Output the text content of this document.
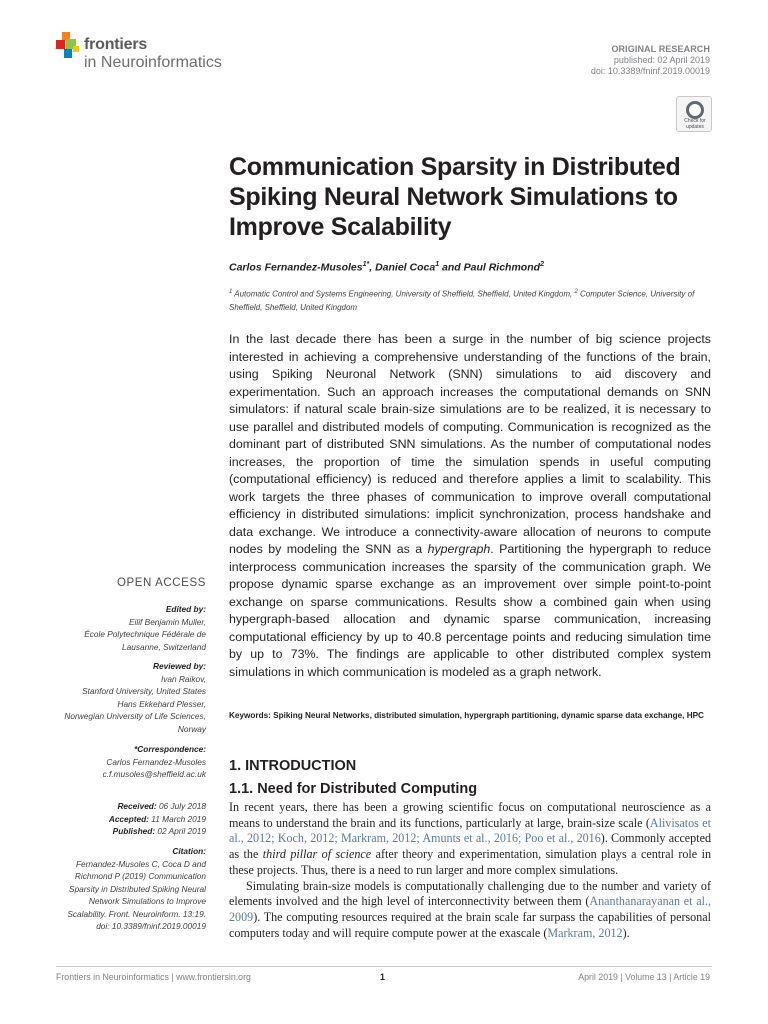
frontiers
in Neuroinformatics
ORIGINAL RESEARCH
published: 02 April 2019
doi: 10.3389/fninf.2019.00019
Check for updates
Communication Sparsity in Distributed Spiking Neural Network Simulations to Improve Scalability
Carlos Fernandez-Musoles$^{1*}$, Daniel Coca$^1$ and Paul Richmond$^2$
$^1$ Automatic Control and Systems Engineering, University of Sheffield, Sheffield, United Kingdom, $^2$ Computer Science, University of Sheffield, Sheffield, United Kingdom
In the last decade there has been a surge in the number of big science projects interested in achieving a comprehensive understanding of the functions of the brain, using Spiking Neuronal Network (SNN) simulations to aid discovery and experimentation. Such an approach increases the computational demands on SNN simulators: if natural scale brain-size simulations are to be realized, it is necessary to use parallel and distributed models of computing. Communication is recognized as the dominant part of distributed SNN simulations. As the number of computational nodes increases, the proportion of time the simulation spends in useful computing (computational efficiency) is reduced and therefore applies a limit to scalability. This work targets the three phases of communication to improve overall computational efficiency in distributed simulations: implicit synchronization, process handshake and data exchange. We introduce a connectivity-aware allocation of neurons to compute nodes by modeling the SNN as a hypergraph. Partitioning the hypergraph to reduce interprocess communication increases the sparsity of the communication graph. We propose dynamic sparse exchange as an improvement over simple point-to-point exchange on sparse communications. Results show a combined gain when using hypergraph-based allocation and dynamic sparse communication, increasing computational efficiency by up to 40.8 percentage points and reducing simulation time by up to 73%. The findings are applicable to other distributed complex system simulations in which communication is modeled as a graph network.
Keywords: Spiking Neural Networks, distributed simulation, hypergraph partitioning, dynamic sparse data exchange, HPC
OPEN ACCESS
Edited by:
Eilif Benjamin Muller,
École Polytechnique Fédérale de
Lausanne, Switzerland
Reviewed by:
Ivan Raikov,
Stanford University, United States
Hans Ekkehard Plesser,
Norwegian University of Life Sciences,
Norway
*Correspondence:
Carlos Fernandez-Musoles
c.f.musoles@sheffield.ac.uk
Received: 06 July 2018
Accepted: 11 March 2019
Published: 02 April 2019
Citation:
Fernandez-Musoles C, Coca D and
Richmond P (2019) Communication
Sparsity in Distributed Spiking Neural
Network Simulations to Improve
Scalability. Front. Neuroinform. 13:19.
doi: 10.3389/fninf.2019.00019
1. INTRODUCTION
1.1. Need for Distributed Computing

In recent years, there has been a growing scientific focus on computational neuroscience as a means to understand the brain and its functions, particularly at large, brain-size scale (Alivisatos et al., 2012; Koch, 2012; Markram, 2012; Amunts et al., 2016; Poo et al., 2016). Commonly accepted as the third pillar of science after theory and experimentation, simulation plays a central role in these projects. Thus, there is a need to run larger and more complex simulations.

Simulating brain-size models is computationally challenging due to the number and variety of elements involved and the high level of interconnectivity between them (Ananthanarayanan et al., 2009). The computing resources required at the brain scale far surpass the capabilities of personal computers today and will require compute power at the exascale (Markram, 2012).

Frontiers in Neuroinformatics | www.frontiersin.org	1	April 2019 | Volume 13 | Article 19
